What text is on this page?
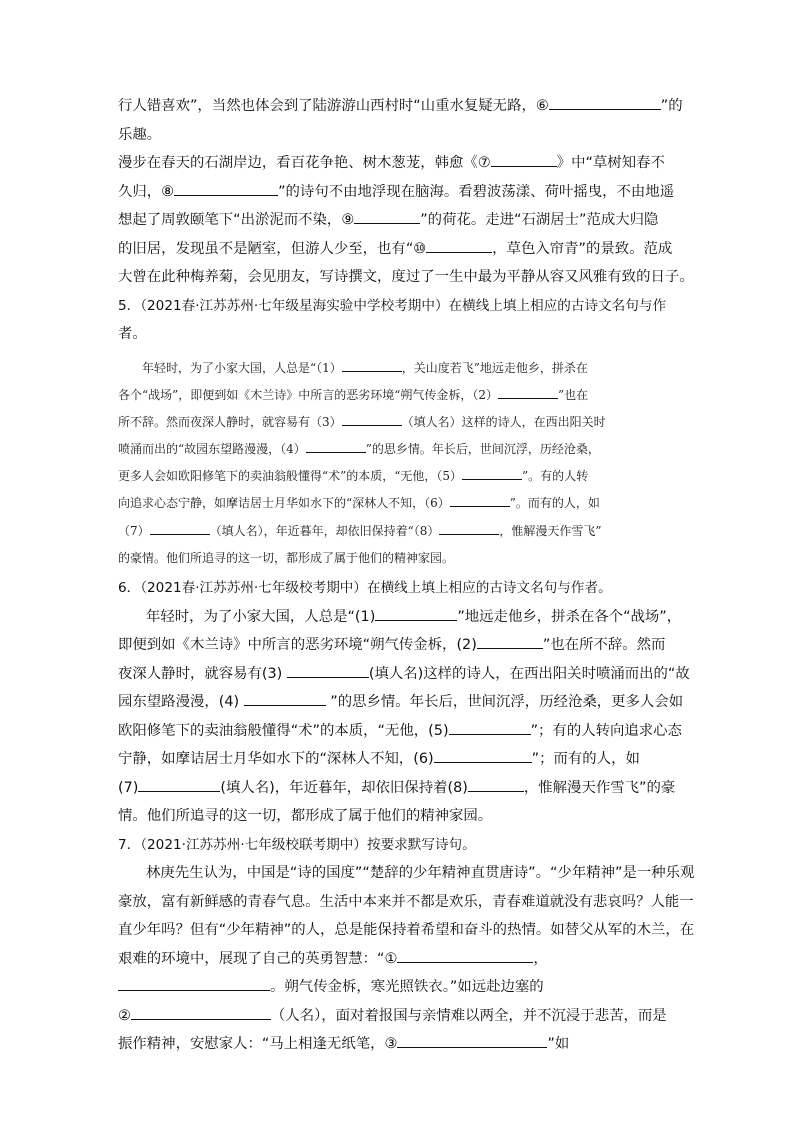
行人错喜欢”，当然也体会到了陆游游山西村时“山重水复疑无路，⑥	”的
乐趣。
漫步在春天的石湖岸边，看百花争艳、树木葱茏，韩愈《⑦	》中“草树知春不
久归，⑧	”的诗句不由地浮现在脑海。看碧波荡漾、荷叶摇曳，不由地遥
想起了周敦颐笔下“出淤泥而不染，⑨	”的荷花。走进“石湖居士”范成大归隐
的旧居，发现虽不是陋室，但游人少至，也有“⑩	，草色入帘青”的景致。范成
大曾在此种梅养菊，会见朋友，写诗撰文，度过了一生中最为平静从容又风雅有致的日子。
5．（2021春·江苏苏州·七年级星海实验中学校考期中）在横线上填上相应的古诗文名句与作
者。
年轻时，为了小家大国，人总是“（1）	，关山度若飞”地远走他乡，拼杀在
各个“战场”，即便到如《木兰诗》中所言的恶劣环境“朔气传金柝，（2）	”也在
所不辞。然而夜深人静时，就容易有（3）	（填人名）这样的诗人，在西出阳关时
喷涌而出的“故园东望路漫漫，（4）	”的思乡情。年长后，世间沉浮，历经沧桑，
更多人会如欧阳修笔下的卖油翁般懂得“术”的本质，“无他，（5）	”。有的人转
向追求心态宁静，如摩诘居士月华如水下的“深林人不知，（6）	”。而有的人，如
（7）	（填人名），年近暮年，却依旧保持着“（8）	，惟解漫天作雪飞”
的豪情。他们所追寻的这一切，都形成了属于他们的精神家园。
6．（2021春·江苏苏州·七年级校考期中）在横线上填上相应的古诗文名句与作者。
年轻时，为了小家大国，人总是“(1)	”地远走他乡，拼杀在各个“战场”，
即便到如《木兰诗》中所言的恶劣环境“朔气传金柝，(2)	”也在所不辞。然而
夜深人静时，就容易有(3)	(填人名)这样的诗人，在西出阳关时喷涌而出的“故
园东望路漫漫，(4)	”的思乡情。年长后，世间沉浮，历经沧桑，更多人会如
欧阳修笔下的卖油翁般懂得“术”的本质，“无他，(5)	”；有的人转向追求心态
宁静，如摩诘居士月华如水下的“深林人不知，(6)	”；而有的人，如
(7)	(填人名)，年近暮年，却依旧保持着(8)	，惟解漫天作雪飞”的豪
情。他们所追寻的这一切，都形成了属于他们的精神家园。
7．（2021·江苏苏州·七年级校联考期中）按要求默写诗句。
林庚先生认为，中国是“诗的国度”“楚辞的少年精神直贯唐诗”。“少年精神”是一种乐观
豪放，富有新鲜感的青春气息。生活中本来并不都是欢乐，青春难道就没有悲哀吗？人能一
直少年吗？但有“少年精神”的人，总是能保持着希望和奋斗的热情。如替父从军的木兰，在
艰难的环境中，展现了自己的英勇智慧：“①	，
。朔气传金柝，寒光照铁衣。”如远赴边塞的
②	（人名），面对着报国与亲情难以两全，并不沉浸于悲苦，而是
振作精神，安慰家人：“马上相逢无纸笔，③	”如
